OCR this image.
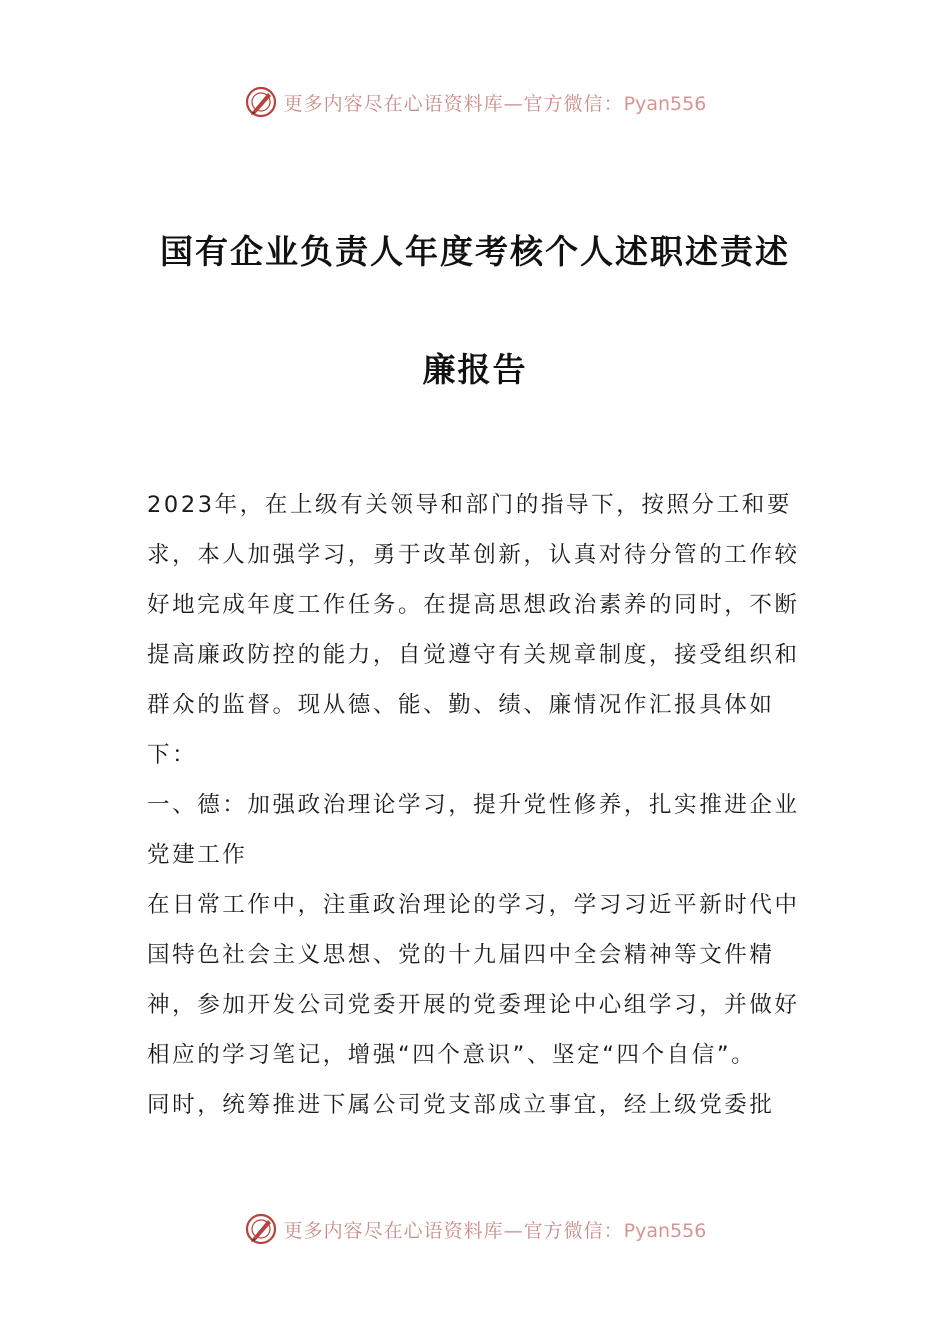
更多内容尽在心语资料库—官方微信：Pyan556
国有企业负责人年度考核个人述职述责述
廉报告

2023年，在上级有关领导和部门的指导下，按照分工和要求，本人加强学习，勇于改革创新，认真对待分管的工作较好地完成年度工作任务。在提高思想政治素养的同时，不断提高廉政防控的能力，自觉遵守有关规章制度，接受组织和群众的监督。现从德、能、勤、绩、廉情况作汇报具体如下：

一、德：加强政治理论学习，提升党性修养，扎实推进企业党建工作

在日常工作中，注重政治理论的学习，学习习近平新时代中国特色社会主义思想、党的十九届四中全会精神等文件精神，参加开发公司党委开展的党委理论中心组学习，并做好相应的学习笔记，增强“四个意识”、坚定“四个自信”。

同时，统筹推进下属公司党支部成立事宜，经上级党委批

更多内容尽在心语资料库—官方微信：Pyan556
